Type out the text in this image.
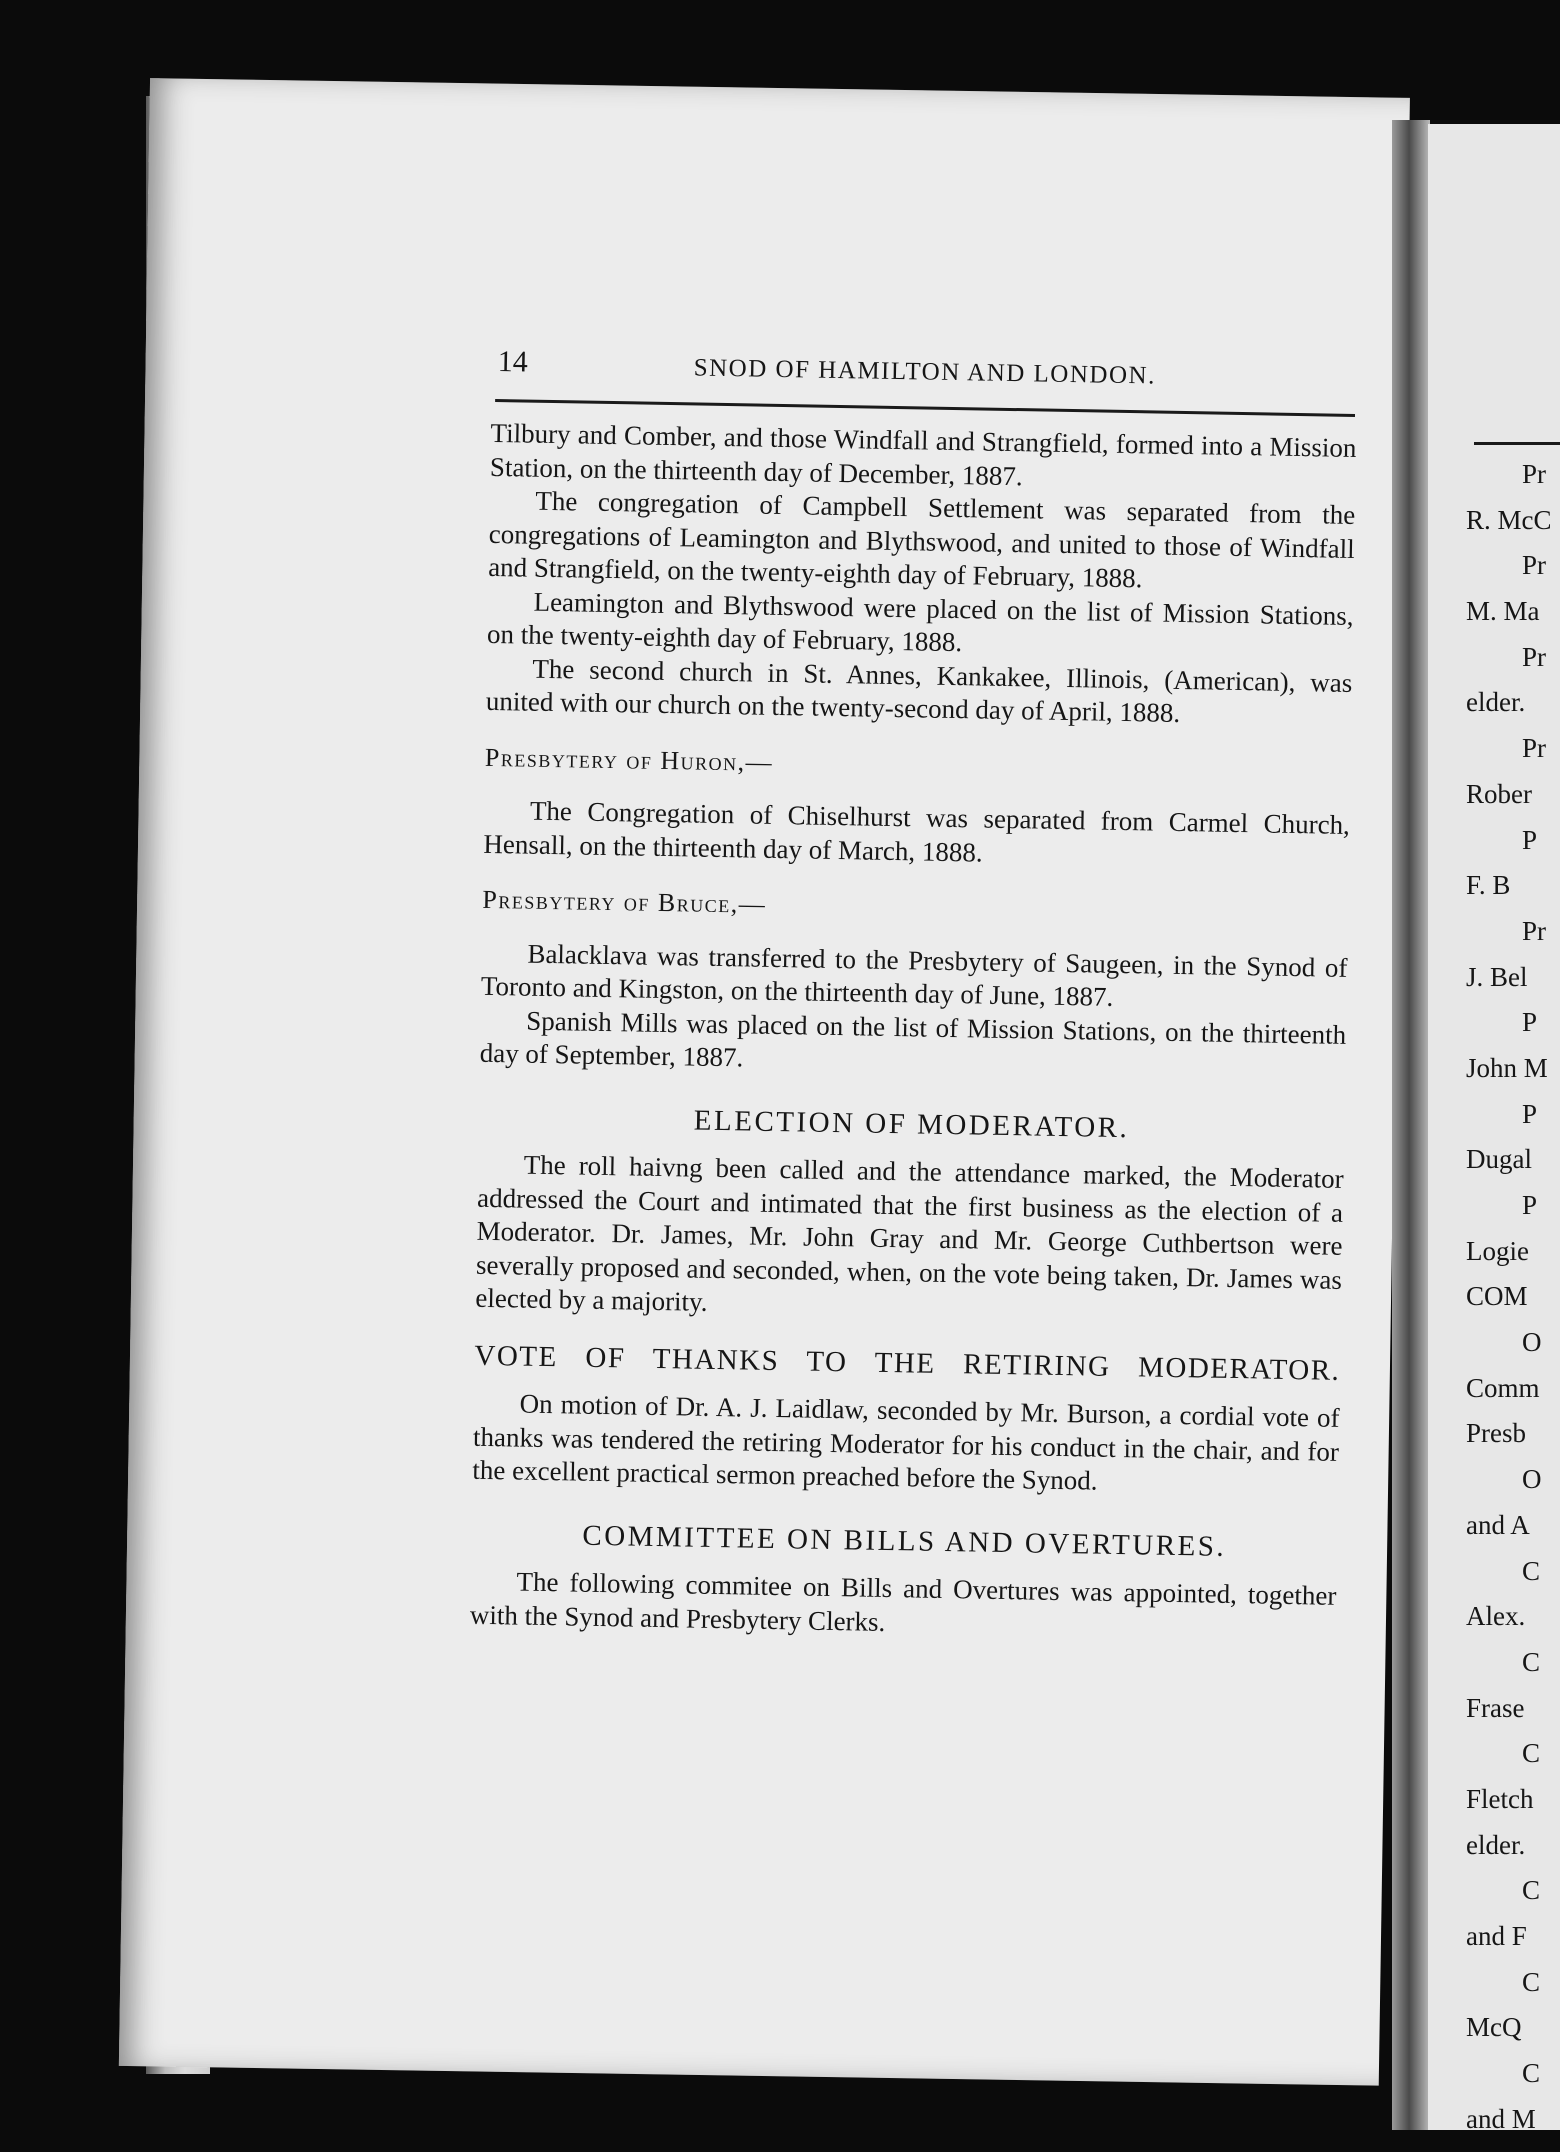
14	SNOD OF HAMILTON AND LONDON.

Tilbury and Comber, and those Windfall and Strangfield, formed into a Mission Station, on the thirteenth day of December, 1887.

The congregation of Campbell Settlement was separated from the congregations of Leamington and Blythswood, and united to those of Windfall and Strangfield, on the twenty-eighth day of February, 1888.

Leamington and Blythswood were placed on the list of Mission Stations, on the twenty-eighth day of February, 1888.

The second church in St. Annes, Kankakee, Illinois, (American), was united with our church on the twenty-second day of April, 1888.

Presbytery of Huron,—

The Congregation of Chiselhurst was separated from Carmel Church, Hensall, on the thirteenth day of March, 1888.

Presbytery of Bruce,—

Balacklava was transferred to the Presbytery of Saugeen, in the Synod of Toronto and Kingston, on the thirteenth day of June, 1887.

Spanish Mills was placed on the list of Mission Stations, on the thirteenth day of September, 1887.

ELECTION OF MODERATOR.

The roll haivng been called and the attendance marked, the Moderator addressed the Court and intimated that the first business as the election of a Moderator. Dr. James, Mr. John Gray and Mr. George Cuthbertson were severally proposed and seconded, when, on the vote being taken, Dr. James was elected by a majority.

VOTE OF THANKS TO THE RETIRING MODERATOR.

On motion of Dr. A. J. Laidlaw, seconded by Mr. Burson, a cordial vote of thanks was tendered the retiring Moderator for his conduct in the chair, and for the excellent practical sermon preached before the Synod.

COMMITTEE ON BILLS AND OVERTURES.

The following commitee on Bills and Overtures was appointed, together with the Synod and Presbytery Clerks.

Pr
R. McC
Pr
M. Ma
Pr
elder.
Pr
Rober
P
F. B
Pr
J. Bel
P
John M
P
Dugal
P
Logie
COM
O
Comm
Presb
O
and A
C
Alex.
C
Frase
C
Fletch
elder.
C
and F
C
McQ
C
and M
